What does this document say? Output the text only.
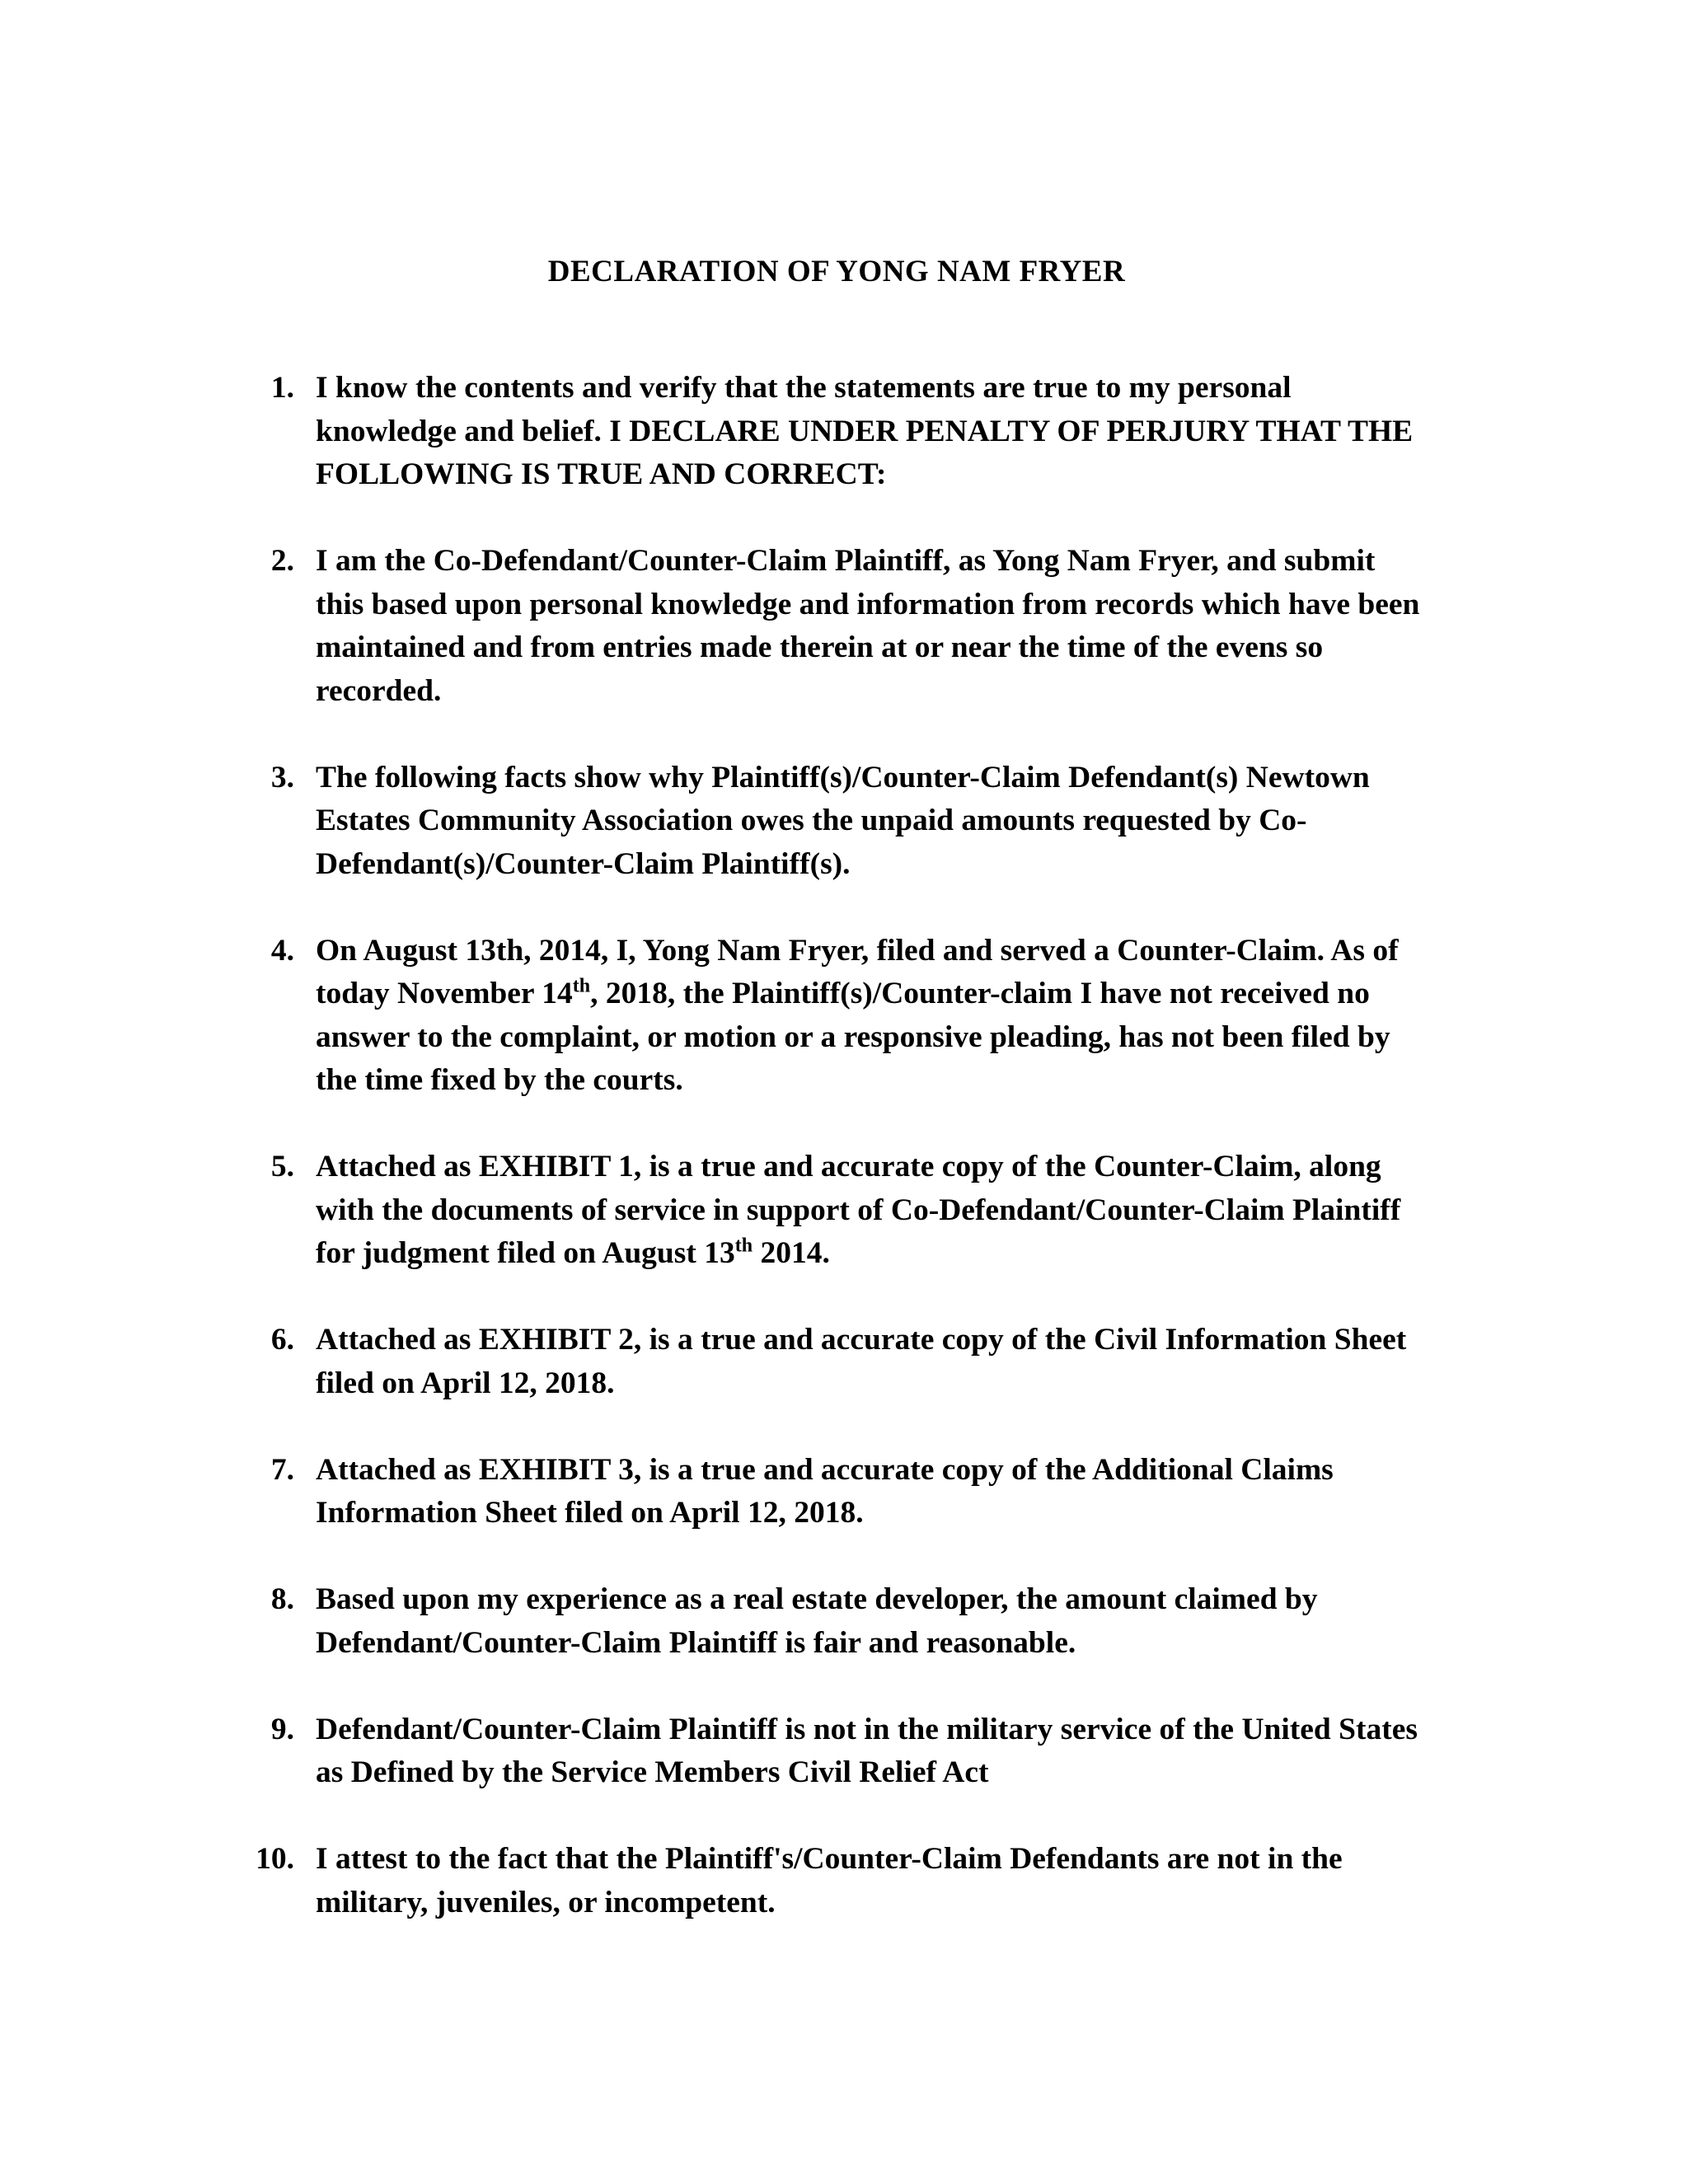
DECLARATION OF YONG NAM FRYER
1. I know the contents and verify that the statements are true to my personal
knowledge and belief. I DECLARE UNDER PENALTY OF PERJURY THAT THE
FOLLOWING IS TRUE AND CORRECT:
2. I am the Co-Defendant/Counter-Claim Plaintiff, as Yong Nam Fryer, and submit
this based upon personal knowledge and information from records which have been
maintained and from entries made therein at or near the time of the evens so
recorded.
3. The following facts show why Plaintiff(s)/Counter-Claim Defendant(s) Newtown
Estates Community Association owes the unpaid amounts requested by Co-
Defendant(s)/Counter-Claim Plaintiff(s).
4. On August 13th, 2014, I, Yong Nam Fryer, filed and served a Counter-Claim. As of
today November 14th, 2018, the Plaintiff(s)/Counter-claim I have not received no
answer to the complaint, or motion or a responsive pleading, has not been filed by
the time fixed by the courts.
5. Attached as EXHIBIT 1, is a true and accurate copy of the Counter-Claim, along
with the documents of service in support of Co-Defendant/Counter-Claim Plaintiff
for judgment filed on August 13th 2014.
6. Attached as EXHIBIT 2, is a true and accurate copy of the Civil Information Sheet
filed on April 12, 2018.
7. Attached as EXHIBIT 3, is a true and accurate copy of the Additional Claims
Information Sheet filed on April 12, 2018.
8. Based upon my experience as a real estate developer, the amount claimed by
Defendant/Counter-Claim Plaintiff is fair and reasonable.
9. Defendant/Counter-Claim Plaintiff is not in the military service of the United States
as Defined by the Service Members Civil Relief Act
10. I attest to the fact that the Plaintiff's/Counter-Claim Defendants are not in the
military, juveniles, or incompetent.
